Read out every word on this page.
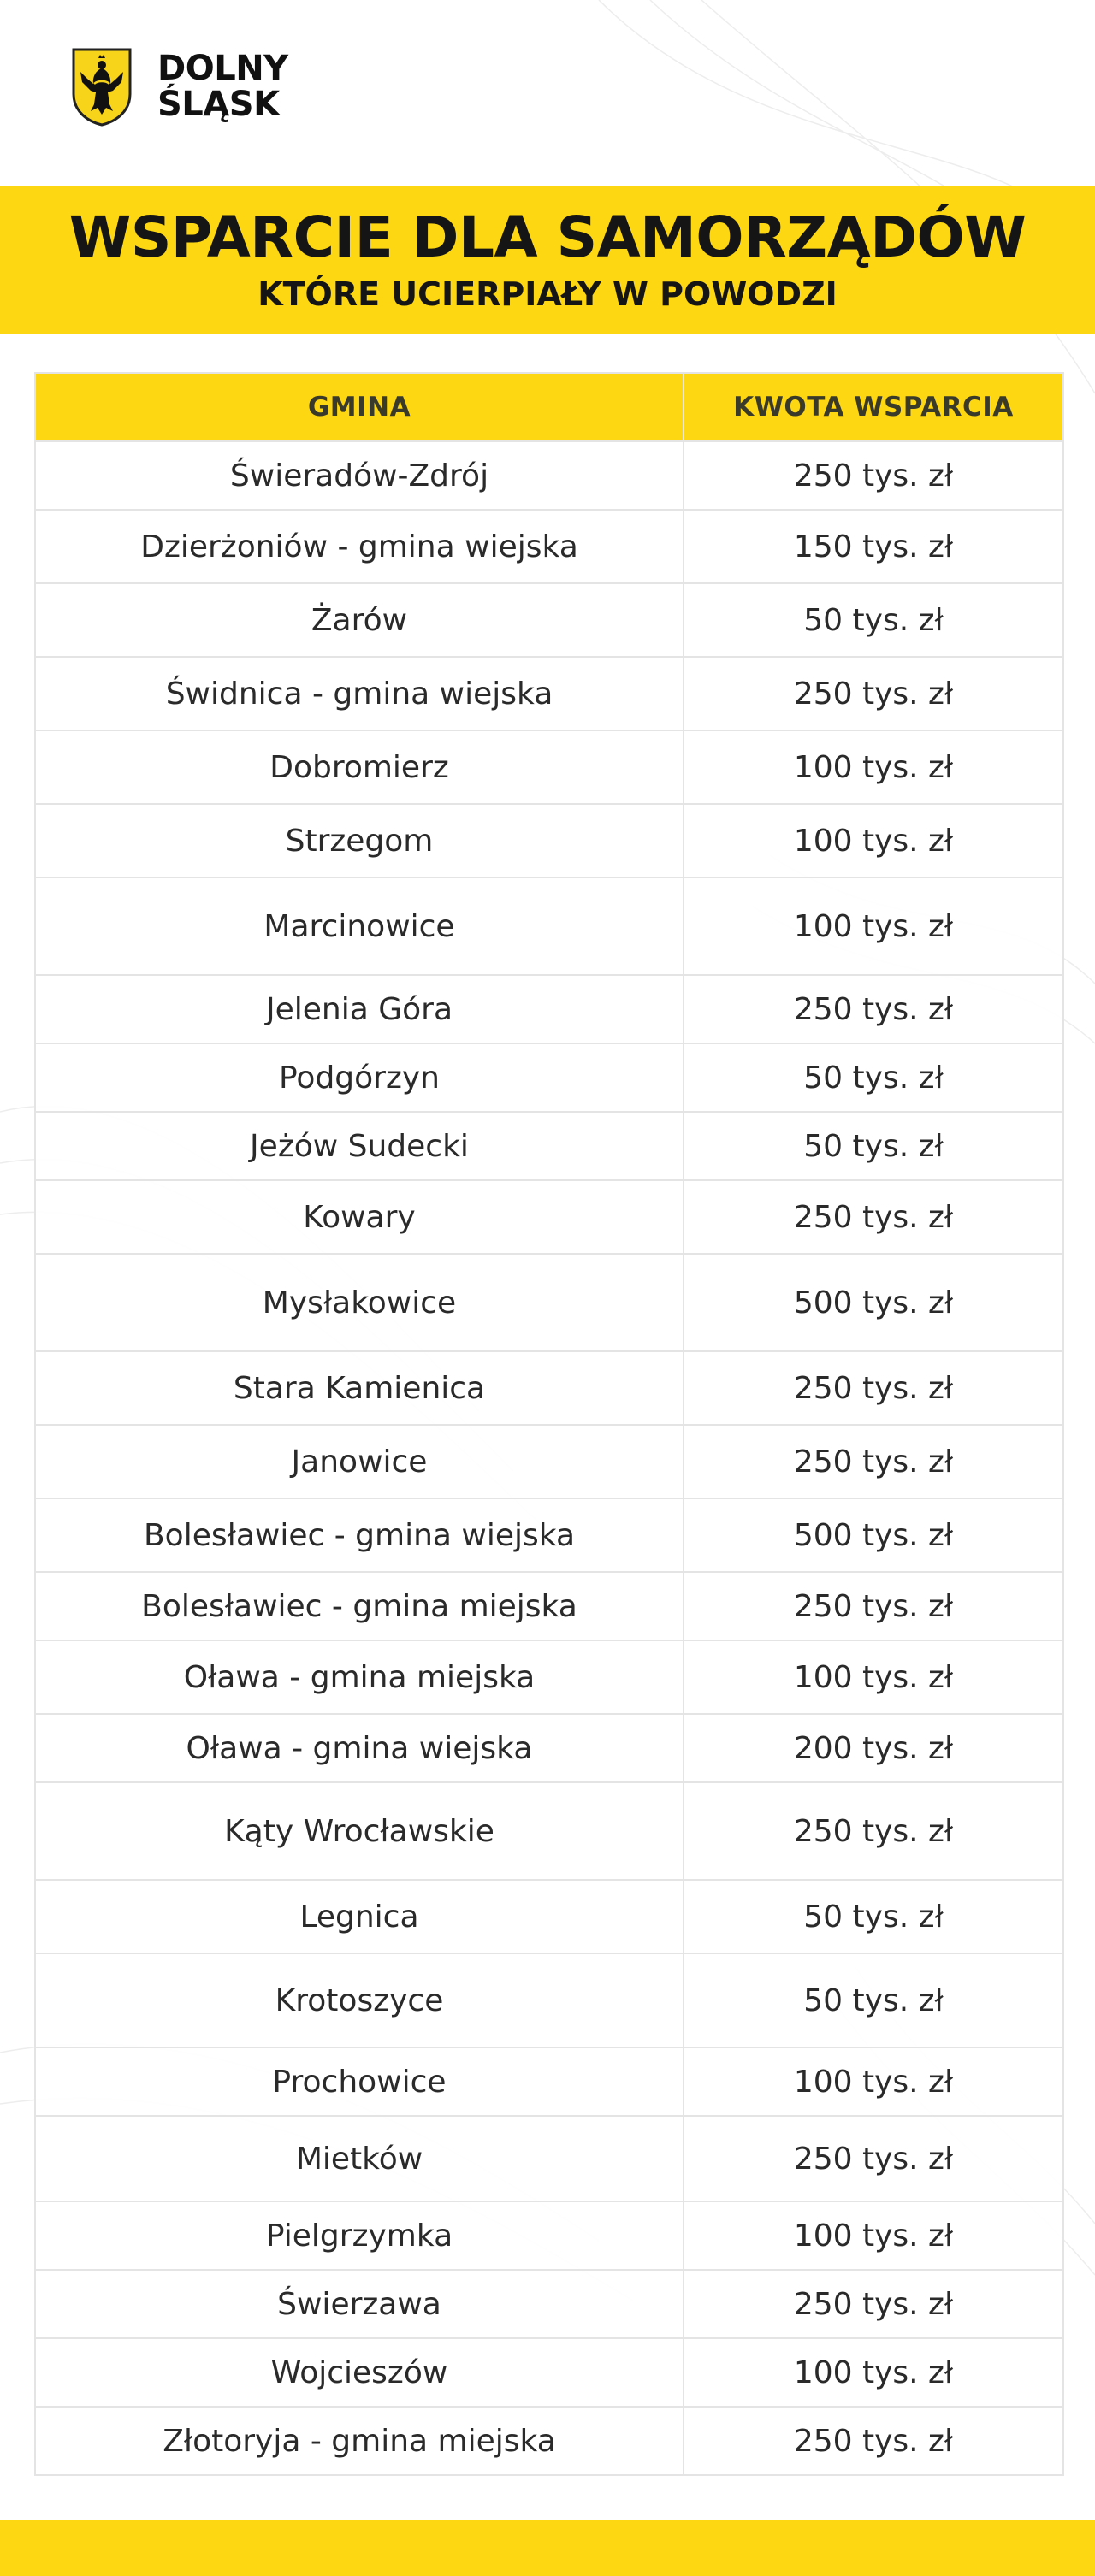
DOLNY
ŚLĄSK
WSPARCIE DLA SAMORZĄDÓW
KTÓRE UCIERPIAŁY W POWODZI
GMINA	KWOTA WSPARCIA
Świeradów-Zdrój	250 tys. zł
Dzierżoniów - gmina wiejska	150 tys. zł
Żarów	50 tys. zł
Świdnica - gmina wiejska	250 tys. zł
Dobromierz	100 tys. zł
Strzegom	100 tys. zł
Marcinowice	100 tys. zł
Jelenia Góra	250 tys. zł
Podgórzyn	50 tys. zł
Jeżów Sudecki	50 tys. zł
Kowary	250 tys. zł
Mysłakowice	500 tys. zł
Stara Kamienica	250 tys. zł
Janowice	250 tys. zł
Bolesławiec - gmina wiejska	500 tys. zł
Bolesławiec - gmina miejska	250 tys. zł
Oława - gmina miejska	100 tys. zł
Oława - gmina wiejska	200 tys. zł
Kąty Wrocławskie	250 tys. zł
Legnica	50 tys. zł
Krotoszyce	50 tys. zł
Prochowice	100 tys. zł
Mietków	250 tys. zł
Pielgrzymka	100 tys. zł
Świerzawa	250 tys. zł
Wojcieszów	100 tys. zł
Złotoryja - gmina miejska	250 tys. zł
